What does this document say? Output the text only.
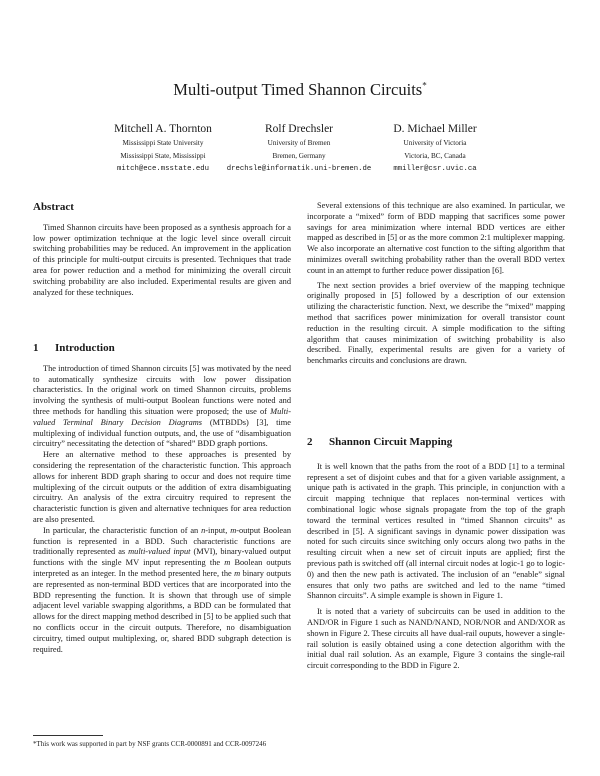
Multi-output Timed Shannon Circuits*
Mitchell A. Thornton
Mississippi State University
Mississippi State, Mississippi
mitch@ece.msstate.edu
Rolf Drechsler
University of Bremen
Bremen, Germany
drechsle@informatik.uni-bremen.de
D. Michael Miller
University of Victoria
Victoria, BC, Canada
mmiller@csr.uvic.ca
Abstract

Timed Shannon circuits have been proposed as a synthesis approach for a low power optimization technique at the logic level since overall circuit switching probabilities may be reduced. An improvement in the application of this principle for multi-output circuits is presented. Techniques that trade area for power reduction and a method for minimizing the overall circuit switching probability are also included. Experimental results are given and analyzed for these techniques.

1 Introduction

The introduction of timed Shannon circuits [5] was motivated by the need to automatically synthesize circuits with low power dissipation characteristics. In the original work on timed Shannon circuits, problems involving the synthesis of multi-output Boolean functions were noted and three methods for handling this situation were proposed; the use of Multi-valued Terminal Binary Decision Diagrams (MTBDDs) [3], time multiplexing of individual function outputs, and, the use of “disambiguation circuitry” necessitating the detection of “shared” BDD graph portions.

Here an alternative method to these approaches is presented by considering the representation of the characteristic function. This approach allows for inherent BDD graph sharing to occur and does not require time multiplexing of the circuit outputs or the addition of extra disambiguating circuitry. An analysis of the extra circuitry required to represent the characteristic function is given and alternative techniques for area reduction are also presented.

In particular, the characteristic function of an n-input, m-output Boolean function is represented in a BDD. Such characteristic functions are traditionally represented as multi-valued input (MVI), binary-valued output functions with the single MV input representing the m Boolean outputs interpreted as an integer. In the method presented here, the m binary outputs are represented as non-terminal BDD vertices that are incorporated into the BDD representing the function. It is shown that through use of simple adjacent level variable swapping algorithms, a BDD can be formulated that allows for the direct mapping method described in [5] to be applied such that no conflicts occur in the circuit outputs. Therefore, no disambiguation circuitry, timed output multiplexing, or, shared BDD subgraph detection is required.

*This work was supported in part by NSF grants CCR-0000891 and CCR-0097246

Several extensions of this technique are also examined. In particular, we incorporate a “mixed” form of BDD mapping that sacrifices some power savings for area minimization where internal BDD vertices are either mapped as described in [5] or as the more common 2:1 multiplexer mapping. We also incorporate an alternative cost function to the sifting algorithm that minimizes overall switching probability rather than the overall BDD vertex count in an attempt to further reduce power dissipation [6].

The next section provides a brief overview of the mapping technique originally proposed in [5] followed by a description of our extension utilizing the characteristic function. Next, we describe the “mixed” mapping method that sacrifices power minimization for overall transistor count reduction in the resulting circuit. A simple modification to the sifting algorithm that causes minimization of switching probability is also described. Finally, experimental results are given for a variety of benchmarks circuits and conclusions are drawn.

2 Shannon Circuit Mapping

It is well known that the paths from the root of a BDD [1] to a terminal represent a set of disjoint cubes and that for a given variable assignment, a unique path is activated in the graph. This principle, in conjunction with a circuit mapping technique that replaces non-terminal vertices with combinational logic whose signals propagate from the top of the graph toward the terminal vertices resulted in “timed Shannon circuits” as described in [5]. A significant savings in dynamic power dissipation was noted for such circuits since switching only occurs along two paths in the resulting circuit when a new set of circuit inputs are applied; first the previous path is switched off (all internal circuit nodes at logic-1 go to logic-0) and then the new path is activated. The inclusion of an “enable” signal ensures that only two paths are switched and led to the name “timed Shannon circuits”. A simple example is shown in Figure 1.

It is noted that a variety of subcircuits can be used in addition to the AND/OR in Figure 1 such as NAND/NAND, NOR/NOR and AND/XOR as shown in Figure 2. These circuits all have dual-rail ouputs, however a single-rail solution is easily obtained using a cone detection algorithm with the initial dual rail solution. As an example, Figure 3 contains the single-rail circuit corresponding to the BDD in Figure 2.
